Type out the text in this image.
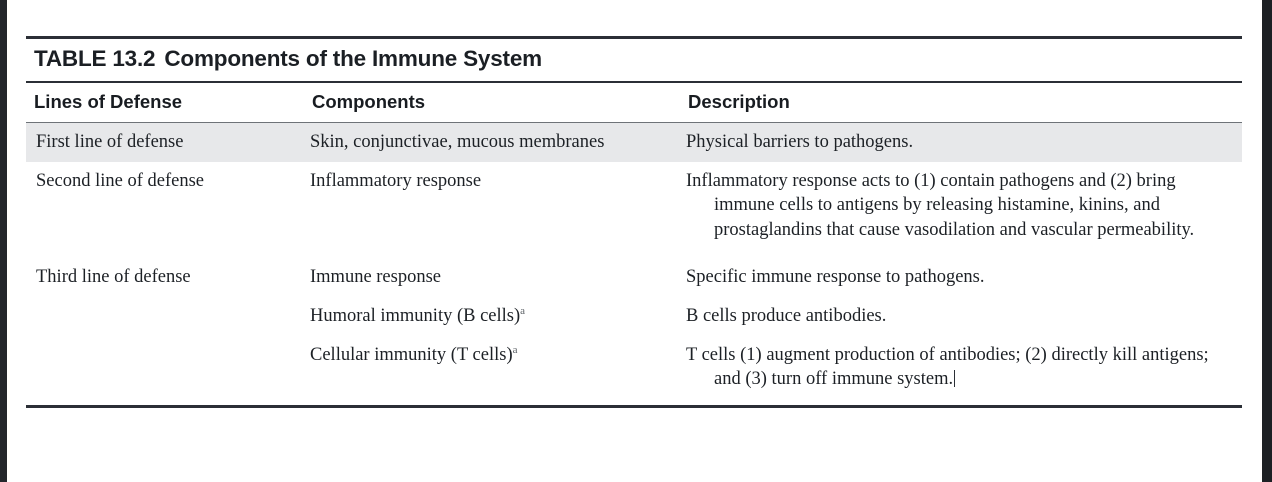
TABLE 13.2 Components of the Immune System
Lines of Defense	Components	Description
First line of defense	Skin, conjunctivae, mucous membranes	Physical barriers to pathogens.
Second line of defense	Inflammatory response	Inflammatory response acts to (1) contain pathogens and (2) bring immune cells to antigens by releasing histamine, kinins, and prostaglandins that cause vasodilation and vascular permeability.

Third line of defense	Immune response	Specific immune response to pathogens.
	Humoral immunity (B cells)$^a$	B cells produce antibodies.
	Cellular immunity (T cells)$^a$	T cells (1) augment production of antibodies; (2) directly kill antigens; and (3) turn off immune system.
